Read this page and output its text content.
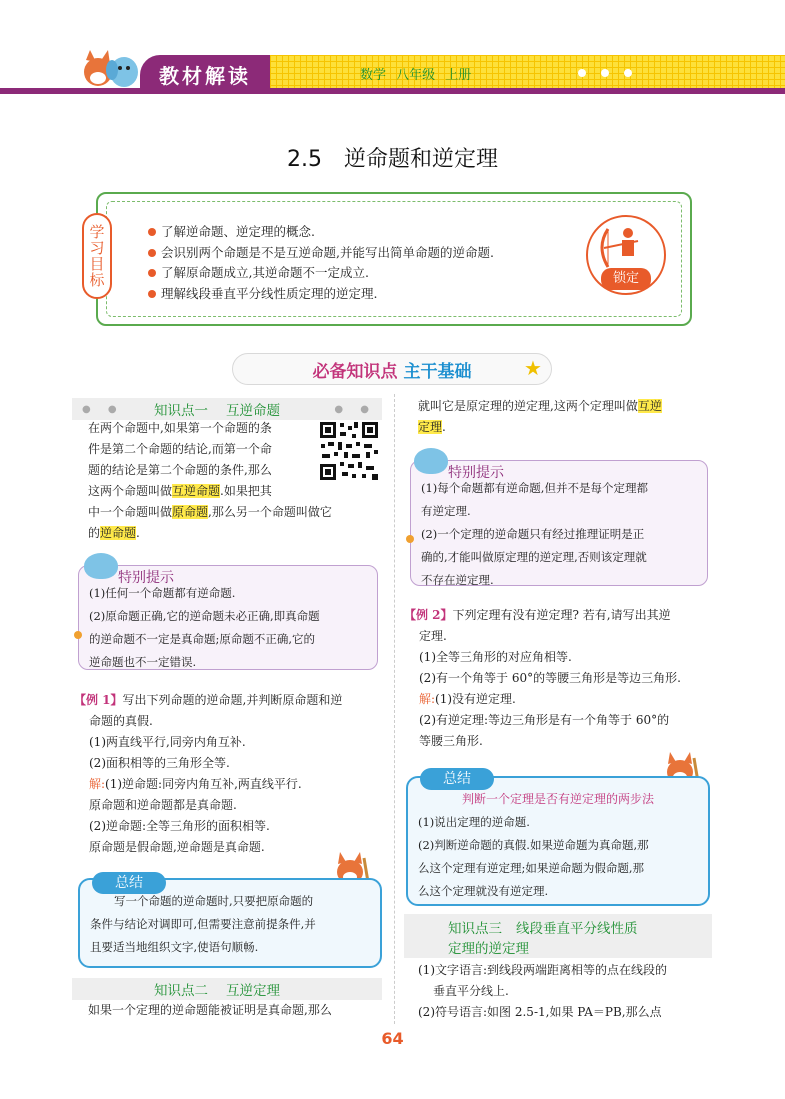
教材解读	数学 八年级 上册
2.5 逆命题和逆定理
学习目标	了解逆命题、逆定理的概念.
会识别两个命题是不是互逆命题,并能写出简单命题的逆命题.
了解原命题成立,其逆命题不一定成立.
理解线段垂直平分线性质定理的逆定理.
锁定
必备知识点 主干基础	★
● ● 知识点一 互逆命题	● ●
在两个命题中,如果第一个命题的条
件是第二个命题的结论,而第一个命
题的结论是第二个命题的条件,那么
这两个命题叫做互逆命题.如果把其
中一个命题叫做原命题,那么另一个命题叫做它
的逆命题.
(1)任何一个命题都有逆命题.
(2)原命题正确,它的逆命题未必正确,即真命题
的逆命题不一定是真命题;原命题不正确,它的
逆命题也不一定错误.
特别提示
【例 1】写出下列命题的逆命题,并判断原命题和逆
命题的真假.
(1)两直线平行,同旁内角互补.
(2)面积相等的三角形全等.
解:(1)逆命题:同旁内角互补,两直线平行.
原命题和逆命题都是真命题.
(2)逆命题:全等三角形的面积相等.
原命题是假命题,逆命题是真命题.
写一个命题的逆命题时,只要把原命题的
条件与结论对调即可,但需要注意前提条件,并
且要适当地组织文字,使语句顺畅.
总结
知识点二 互逆定理
如果一个定理的逆命题能被证明是真命题,那么
就叫它是原定理的逆定理,这两个定理叫做互逆
定理.
(1)每个命题都有逆命题,但并不是每个定理都
有逆定理.
(2)一个定理的逆命题只有经过推理证明是正
确的,才能叫做原定理的逆定理,否则该定理就
不存在逆定理.
特别提示
【例 2】下列定理有没有逆定理? 若有,请写出其逆
定理.
(1)全等三角形的对应角相等.
(2)有一个角等于 60°的等腰三角形是等边三角形.
解:(1)没有逆定理.
(2)有逆定理:等边三角形是有一个角等于 60°的
等腰三角形.
判断一个定理是否有逆定理的两步法
(1)说出定理的逆命题.
(2)判断逆命题的真假.如果逆命题为真命题,那
么这个定理有逆定理;如果逆命题为假命题,那
么这个定理就没有逆定理.
总结
知识点三 线段垂直平分线性质
定理的逆定理
(1)文字语言:到线段两端距离相等的点在线段的
垂直平分线上.
(2)符号语言:如图 2.5-1,如果 PA＝PB,那么点
64
